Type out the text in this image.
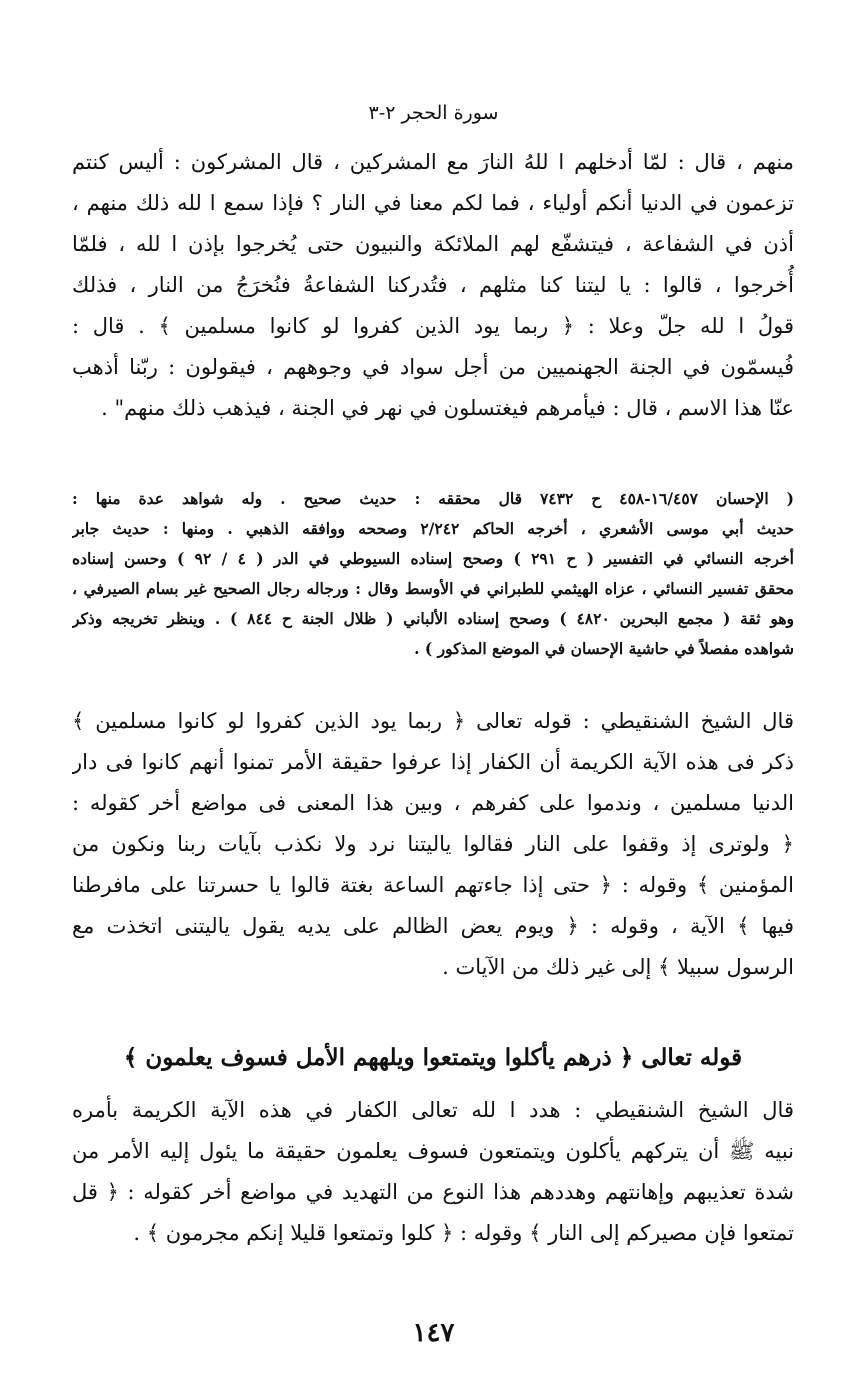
سورة الحجر ٢-٣
منهم ، قال : لمّا أدخلهم ا للهُ النارَ مع المشركين ، قال المشركون : أليس كنتم
تزعمون في الدنيا أنكم أولياء ، فما لكم معنا في النار ؟ فإذا سمع ا لله ذلك منهم ،
أذن في الشفاعة ، فيتشفّع لهم الملائكة والنبيون حتى يُخرجوا بإذن ا لله ، فلمّا
أُخرجوا ، قالوا : يا ليتنا كنا مثلهم ، فتُدركنا الشفاعةُ فنُخرَجُ من النار ، فذلك
قولُ ا لله جلّ وعلا : ﴿ ربما يود الذين كفروا لو كانوا مسلمين ﴾ . قال :
فُيسمّون في الجنة الجهنميين من أجل سواد في وجوههم ، فيقولون : ربّنا أذهب
عنّا هذا الاسم ، قال : فيأمرهم فيغتسلون في نهر في الجنة ، فيذهب ذلك منهم" .
( الإحسان ١٦/٤٥٧-٤٥٨ ح ٧٤٣٢ قال محققه : حديث صحيح . وله شواهد عدة منها :
حديث أبي موسى الأشعري ، أخرجه الحاكم ٢/٢٤٢ وصححه ووافقه الذهبي . ومنها : حديث جابر
أخرجه النسائي في التفسير ( ح ٢٩١ ) وصحح إسناده السيوطي في الدر ( ٤ / ٩٢ ) وحسن إسناده
محقق تفسير النسائي ، عزاه الهيثمي للطبراني في الأوسط وقال : ورجاله رجال الصحيح غير بسام الصيرفي ،
وهو ثقة ( مجمع البحرين ٤٨٢٠ ) وصحح إسناده الألباني ( ظلال الجنة ح ٨٤٤ ) . وينظر تخريجه وذكر
شواهده مفصلاً في حاشية الإحسان في الموضع المذكور ) .
قال الشيخ الشنقيطي : قوله تعالى ﴿ ربما يود الذين كفروا لو كانوا مسلمين ﴾
ذكر فى هذه الآية الكريمة أن الكفار إذا عرفوا حقيقة الأمر تمنوا أنهم كانوا فى دار
الدنيا مسلمين ، وندموا على كفرهم ، وبين هذا المعنى فى مواضع أخر كقوله :
﴿ ولوترى إذ وقفوا على النار فقالوا ياليتنا نرد ولا نكذب بآيات ربنا ونكون من
المؤمنين ﴾ وقوله : ﴿ حتى إذا جاءتهم الساعة بغتة قالوا يا حسرتنا على مافرطنا
فيها ﴾ الآية ، وقوله : ﴿ ويوم يعض الظالم على يديه يقول ياليتنى اتخذت مع
الرسول سبيلا ﴾ إلى غير ذلك من الآيات .
قوله تعالى ﴿ ذرهم يأكلوا ويتمتعوا ويلههم الأمل فسوف يعلمون ﴾
قال الشيخ الشنقيطي : هدد ا لله تعالى الكفار في هذه الآية الكريمة بأمره
نبيه ﷺ أن يتركهم يأكلون ويتمتعون فسوف يعلمون حقيقة ما يئول إليه الأمر من
شدة تعذيبهم وإهانتهم وهددهم هذا النوع من التهديد في مواضع أخر كقوله : ﴿ قل
تمتعوا فإن مصيركم إلى النار ﴾ وقوله : ﴿ كلوا وتمتعوا قليلا إنكم مجرمون ﴾ .
١٤٧
